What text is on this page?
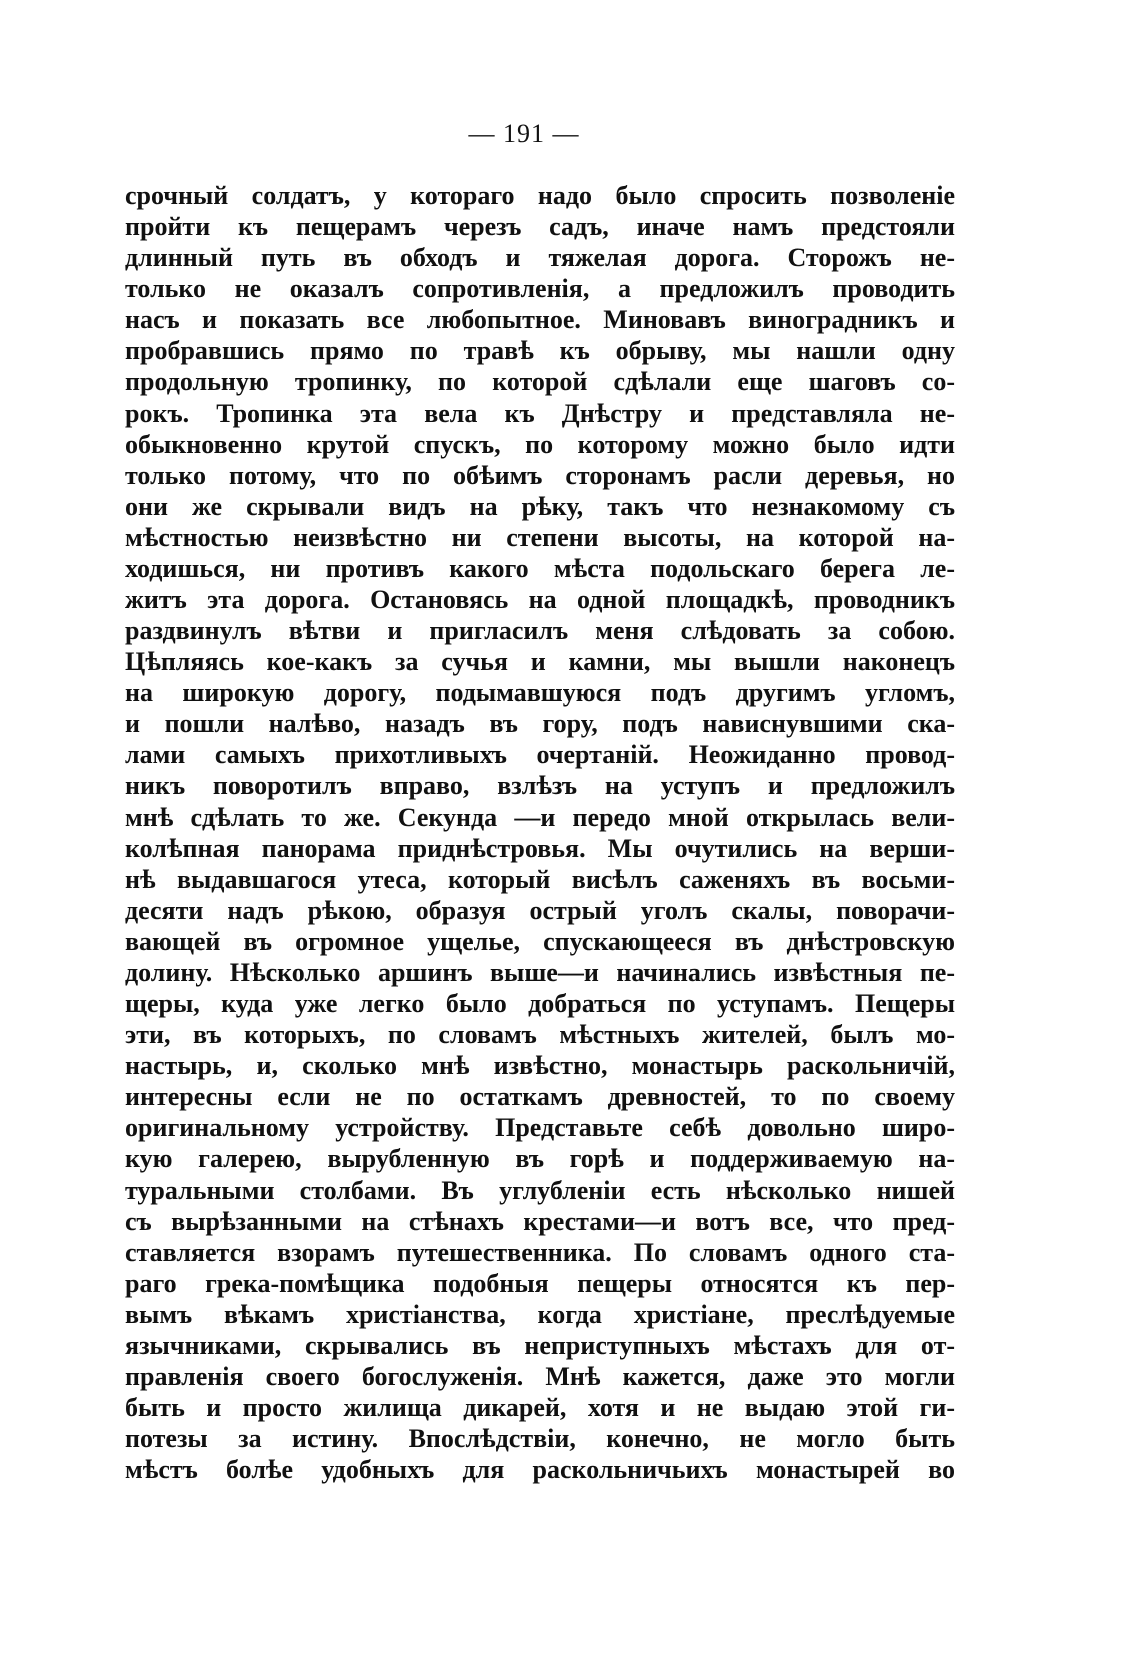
— 191 —
срочный солдатъ, у котораго надо было спросить позволеніе
пройти къ пещерамъ черезъ садъ, иначе намъ предстояли
длинный путь въ обходъ и тяжелая дорога. Сторожъ не-
только не оказалъ сопротивленія, а предложилъ проводить
насъ и показать все любопытное. Миновавъ виноградникъ и
пробравшись прямо по травѣ къ обрыву, мы нашли одну
продольную тропинку, по которой сдѣлали еще шаговъ со-
рокъ. Тропинка эта вела къ Днѣстру и представляла не-
обыкновенно крутой спускъ, по которому можно было идти
только потому, что по обѣимъ сторонамъ расли деревья, но
они же скрывали видъ на рѣку, такъ что незнакомому съ
мѣстностью неизвѣстно ни степени высоты, на которой на-
ходишься, ни противъ какого мѣста подольскаго берега ле-
житъ эта дорога. Остановясь на одной площадкѣ, проводникъ
раздвинулъ вѣтви и пригласилъ меня слѣдовать за собою.
Цѣпляясь кое-какъ за сучья и камни, мы вышли наконецъ
на широкую дорогу, подымавшуюся подъ другимъ угломъ,
и пошли налѣво, назадъ въ гору, подъ нависнувшими ска-
лами самыхъ прихотливыхъ очертаній. Неожиданно провод-
никъ поворотилъ вправо, взлѣзъ на уступъ и предложилъ
мнѣ сдѣлать то же. Секунда —и передо мной открылась вели-
колѣпная панорама приднѣстровья. Мы очутились на верши-
нѣ выдавшагося утеса, который висѣлъ саженяхъ въ восьми-
десяти надъ рѣкою, образуя острый уголъ скалы, поворачи-
вающей въ огромное ущелье, спускающееся въ днѣстровскую
долину. Нѣсколько аршинъ выше—и начинались извѣстныя пе-
щеры, куда уже легко было добраться по уступамъ. Пещеры
эти, въ которыхъ, по словамъ мѣстныхъ жителей, былъ мо-
настырь, и, сколько мнѣ извѣстно, монастырь раскольничій,
интересны если не по остаткамъ древностей, то по своему
оригинальному устройству. Представьте себѣ довольно широ-
кую галерею, вырубленную въ горѣ и поддерживаемую на-
туральными столбами. Въ углубленіи есть нѣсколько нишей
съ вырѣзанными на стѣнахъ крестами—и вотъ все, что пред-
ставляется взорамъ путешественника. По словамъ одного ста-
раго грека-помѣщика подобныя пещеры относятся къ пер-
вымъ вѣкамъ христіанства, когда христіане, преслѣдуемые
язычниками, скрывались въ неприступныхъ мѣстахъ для от-
правленія своего богослуженія. Мнѣ кажется, даже это могли
быть и просто жилища дикарей, хотя и не выдаю этой ги-
потезы за истину. Впослѣдствіи, конечно, не могло быть
мѣстъ болѣе удобныхъ для раскольничьихъ монастырей во
